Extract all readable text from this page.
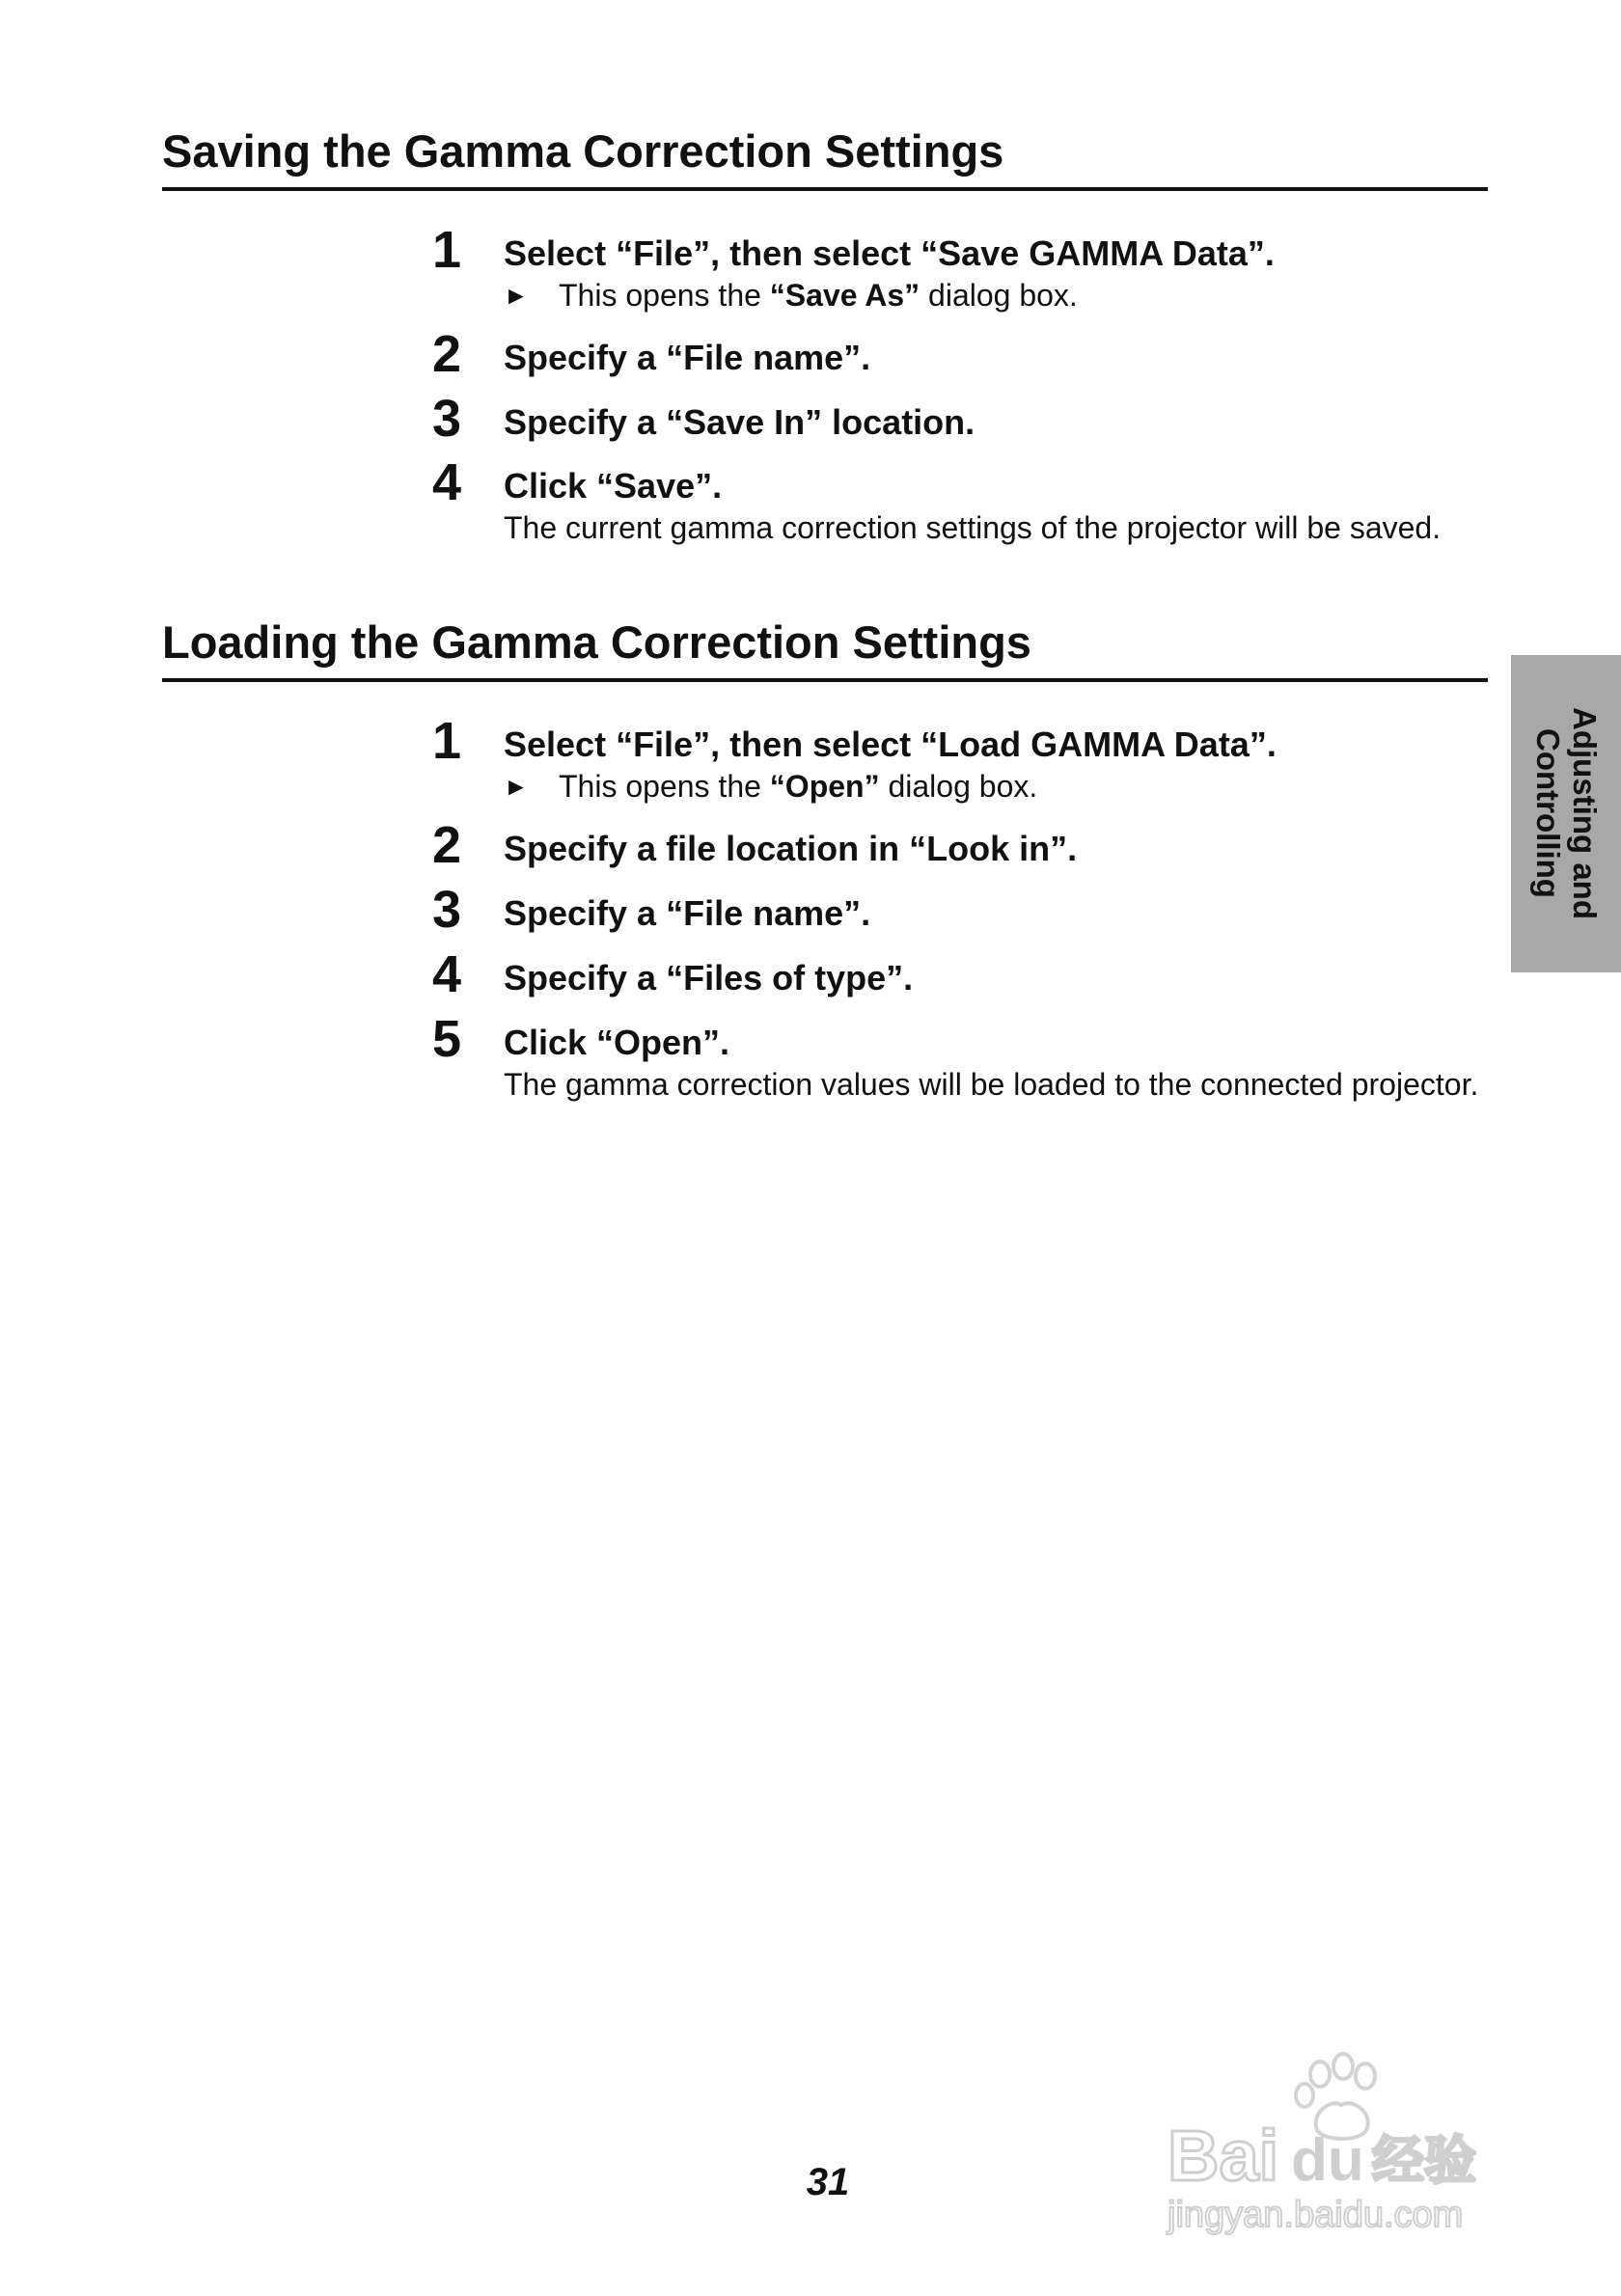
Saving the Gamma Correction Settings
1 Select “File”, then select “Save GAMMA Data”.
► This opens the “Save As” dialog box.
2 Specify a “File name”.
3 Specify a “Save In” location.
4 Click “Save”.
The current gamma correction settings of the projector will be saved.
Loading the Gamma Correction Settings
1 Select “File”, then select “Load GAMMA Data”.
► This opens the “Open” dialog box.
2 Specify a file location in “Look in”.
3 Specify a “File name”.
4 Specify a “Files of type”.
5 Click “Open”.
The gamma correction values will be loaded to the connected projector.
Adjusting and
Controlling
31	Bai du 经验
jingyan.baidu.com
